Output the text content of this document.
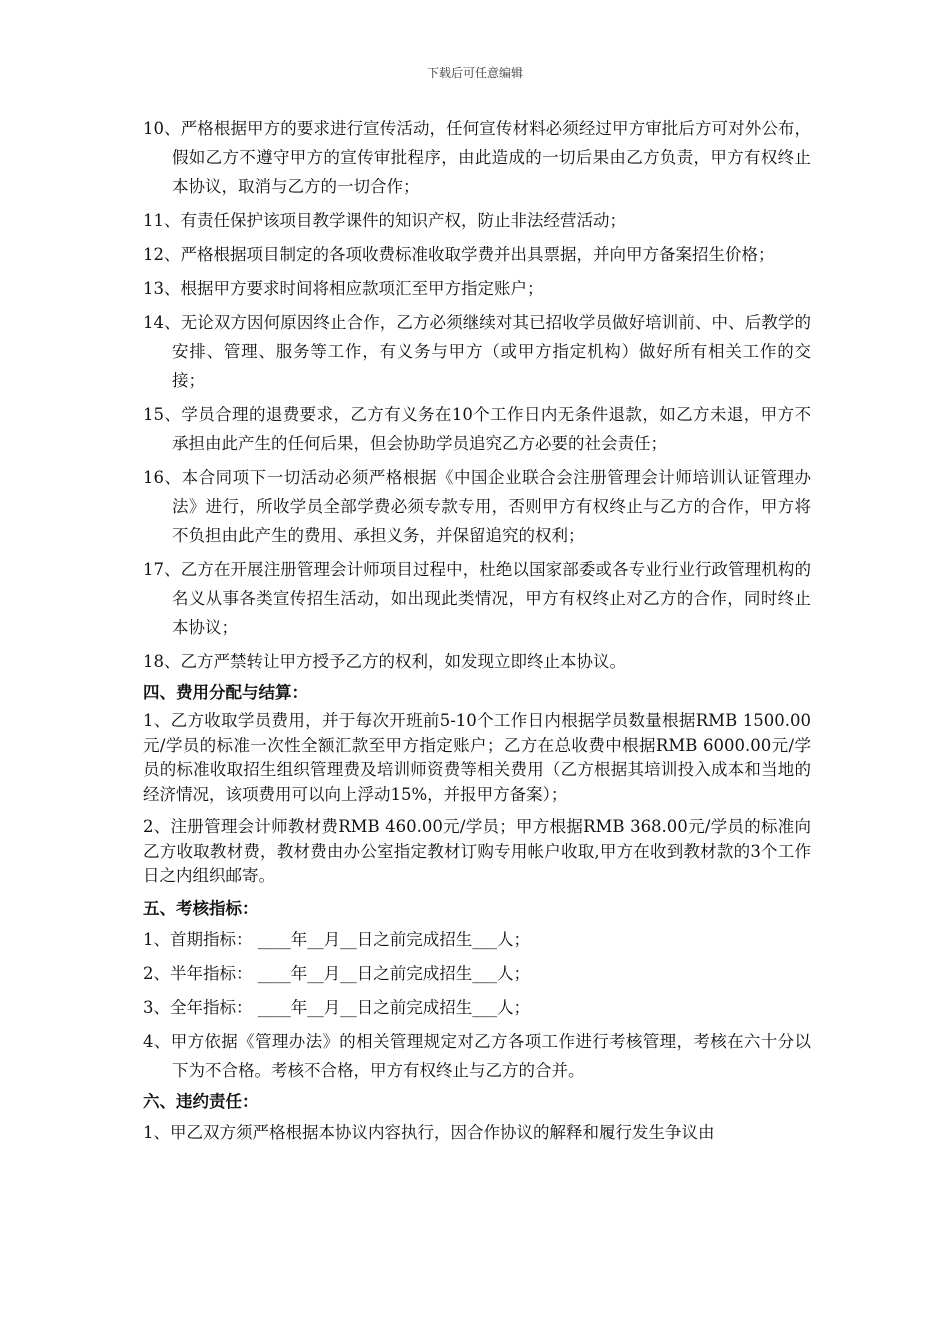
下载后可任意编辑
10、严格根据甲方的要求进行宣传活动，任何宣传材料必须经过甲方审批后方可对外公布，假如乙方不遵守甲方的宣传审批程序，由此造成的一切后果由乙方负责，甲方有权终止本协议，取消与乙方的一切合作；
11、有责任保护该项目教学课件的知识产权，防止非法经营活动；
12、严格根据项目制定的各项收费标准收取学费并出具票据，并向甲方备案招生价格；
13、根据甲方要求时间将相应款项汇至甲方指定账户；
14、无论双方因何原因终止合作，乙方必须继续对其已招收学员做好培训前、中、后教学的安排、管理、服务等工作，有义务与甲方（或甲方指定机构）做好所有相关工作的交接；
15、学员合理的退费要求，乙方有义务在10个工作日内无条件退款，如乙方未退，甲方不承担由此产生的任何后果，但会协助学员追究乙方必要的社会责任；
16、本合同项下一切活动必须严格根据《中国企业联合会注册管理会计师培训认证管理办法》进行，所收学员全部学费必须专款专用，否则甲方有权终止与乙方的合作，甲方将不负担由此产生的费用、承担义务，并保留追究的权利；
17、乙方在开展注册管理会计师项目过程中，杜绝以国家部委或各专业行业行政管理机构的名义从事各类宣传招生活动，如出现此类情况，甲方有权终止对乙方的合作，同时终止本协议；
18、乙方严禁转让甲方授予乙方的权利，如发现立即终止本协议。
四、费用分配与结算：
1、乙方收取学员费用，并于每次开班前5-10个工作日内根据学员数量根据RMB 1500.00元/学员的标准一次性全额汇款至甲方指定账户；乙方在总收费中根据RMB 6000.00元/学员的标准收取招生组织管理费及培训师资费等相关费用（乙方根据其培训投入成本和当地的经济情况，该项费用可以向上浮动15%，并报甲方备案）；
2、注册管理会计师教材费RMB 460.00元/学员；甲方根据RMB 368.00元/学员的标准向乙方收取教材费，教材费由办公室指定教材订购专用帐户收取,甲方在收到教材款的3个工作日之内组织邮寄。
五、考核指标：
1、首期指标： ____年__月__日之前完成招生___人；
2、半年指标： ____年__月__日之前完成招生___人；
3、全年指标： ____年__月__日之前完成招生___人；
4、甲方依据《管理办法》的相关管理规定对乙方各项工作进行考核管理，考核在六十分以下为不合格。考核不合格，甲方有权终止与乙方的合并。
六、违约责任：
1、甲乙双方须严格根据本协议内容执行，因合作协议的解释和履行发生争议由
